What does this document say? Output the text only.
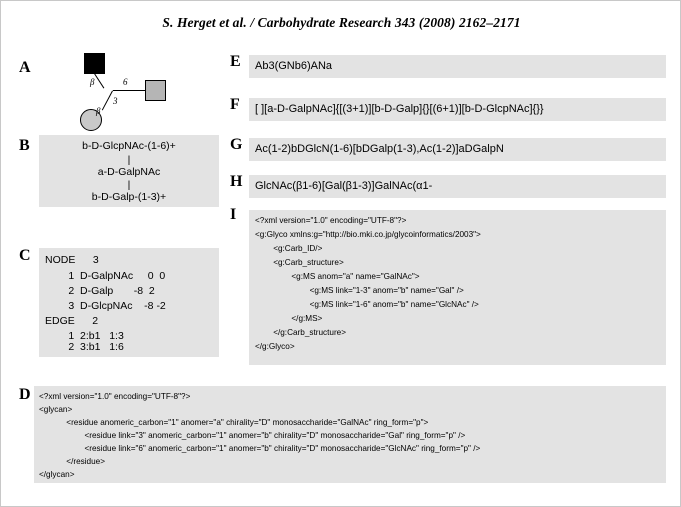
S. Herget et al. / Carbohydrate Research 343 (2008) 2162–2171
A
β	6
3
β
B	b-D-GlcpNAc-(1-6)+
|
a-D-GalpNAc
|
b-D-Galp-(1-3)+
C NODE      3
1  D-GalpNAc     0  0
2  D-Galp       -8  2
3  D-GlcpNAc    -8 -2
EDGE      2
1  2:b1   1:3
2  3:b1   1:6
D <?xml version="1.0" encoding="UTF-8"?>
<glycan>
<residue anomeric_carbon="1" anomer="a" chirality="D" monosaccharide="GalNAc" ring_form="p">
<residue link="3" anomeric_carbon="1" anomer="b" chirality="D" monosaccharide="Gal" ring_form="p" />
<residue link="6" anomeric_carbon="1" anomer="b" chirality="D" monosaccharide="GlcNAc" ring_form="p" />
</residue>
</glycan>
E Ab3(GNb6)ANa
F [ ][a-D-GalpNAc]{[(3+1)][b-D-Galp]{}[(6+1)][b-D-GlcpNAc]{}}
G Ac(1-2)bDGlcN(1-6)[bDGalp(1-3),Ac(1-2)]aDGalpN
H GlcNAc(β1-6)[Gal(β1-3)]GalNAc(α1-
I <?xml version="1.0" encoding="UTF-8"?>
<g:Glyco xmlns:g="http://bio.mki.co.jp/glycoinformatics/2003">
<g:Carb_ID/>
<g:Carb_structure>
<g:MS anom="a" name="GalNAc">
<g:MS link="1-3" anom="b" name="Gal" />
<g:MS link="1-6" anom="b" name="GlcNAc" />
</g:MS>
</g:Carb_structure>
</g:Glyco>
